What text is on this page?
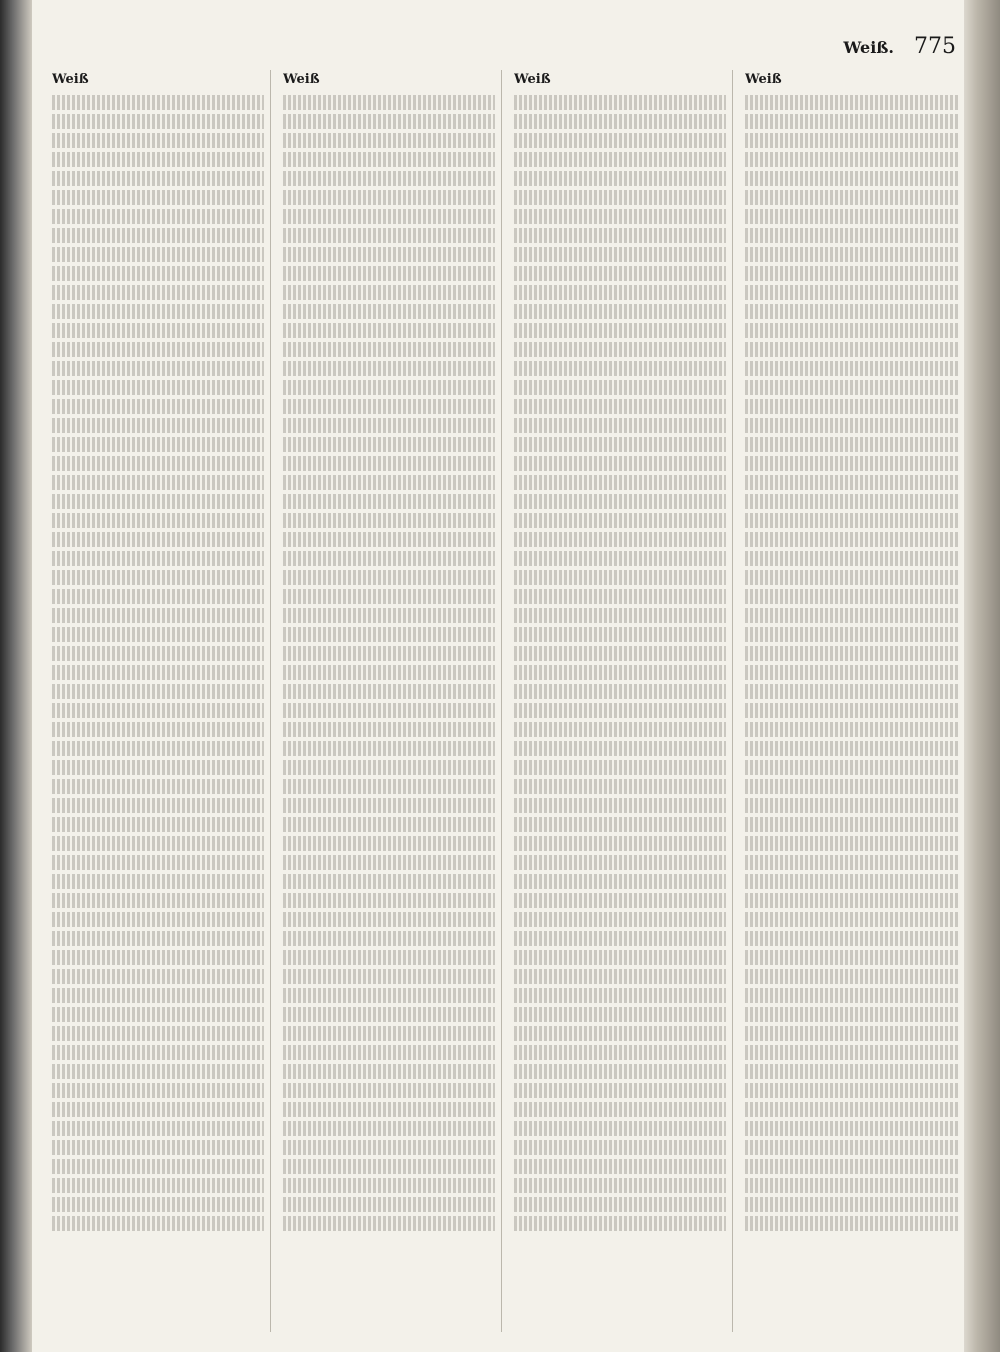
Weiß. 775
Weiß	Weiß	Weiß	Weiß
